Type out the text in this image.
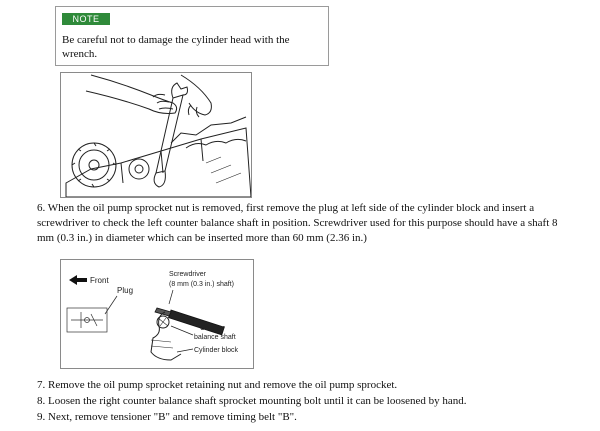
NOTE
Be careful not to damage the cylinder head with the wrench.
6. When the oil pump sprocket nut is removed, first remove the plug at left side of the cylinder block and insert a screwdriver to check the left counter balance shaft in position. Screwdriver used for this purpose should have a shaft 8 mm (0.3 in.) in diameter which can be inserted more than 60 mm (2.36 in.)
Front
Plug
Screwdriver
(8 mm (0.3 in.) shaft)
Counter
balance shaft
Cylinder block
7. Remove the oil pump sprocket retaining nut and remove the oil pump sprocket.
8. Loosen the right counter balance shaft sprocket mounting bolt until it can be loosened by hand.
9. Next, remove tensioner "B" and remove timing belt "B".
